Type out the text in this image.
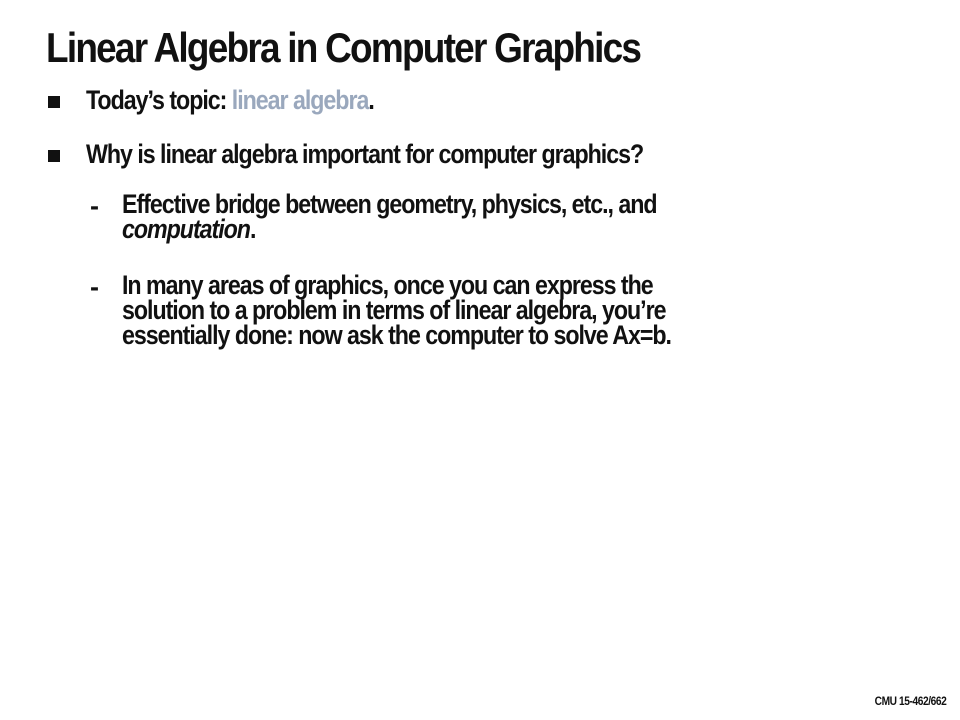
Linear Algebra in Computer Graphics
Today’s topic: linear algebra.
Why is linear algebra important for computer graphics?
- Effective bridge between geometry, physics, etc., and
computation.
- In many areas of graphics, once you can express the
solution to a problem in terms of linear algebra, you’re
essentially done: now ask the computer to solve Ax=b.
CMU 15-462/662
